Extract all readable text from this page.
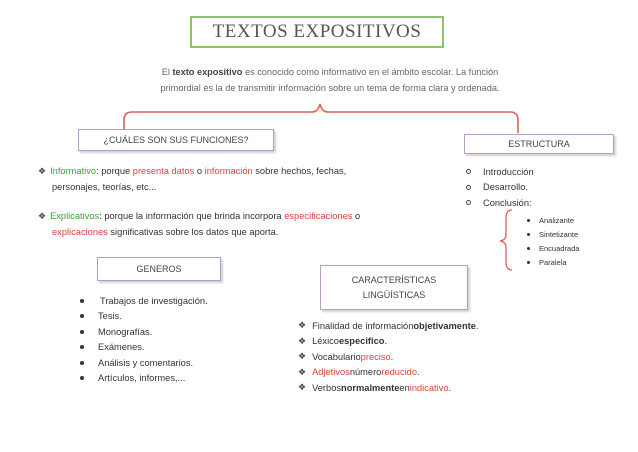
TEXTOS EXPOSITIVOS
El texto expositivo es conocido como informativo en el ámbito escolar. La función
primordial es la de transmitir información sobre un tema de forma clara y ordenada.
¿CUÁLES SON SUS FUNCIONES?	ESTRUCTURA
❖ Informativo: porque presenta datos o información sobre hechos, fechas,
personajes, teorías, etc...
❖ Explicativos: porque la información que brinda incorpora especificaciones o
explicaciones significativas sobre los datos que aporta.
Introducción
Desarrollo.
Conclusión:
Analizante
Sintetizante
Encuadrada
Paralela
GENEROS
Trabajos de investigación.
Tesis.
Monografías.
Exámenes.
Análisis y comentarios.
Artículos, informes,...
CARACTERÍSTICAS
LINGÜÍSTICAS
❖ Finalidad de información objetivamente .
❖ Léxico especifico .
❖ Vocabulario preciso .
❖ Adjetivos número reducido .
❖ Verbos normalmente en indicativo .
